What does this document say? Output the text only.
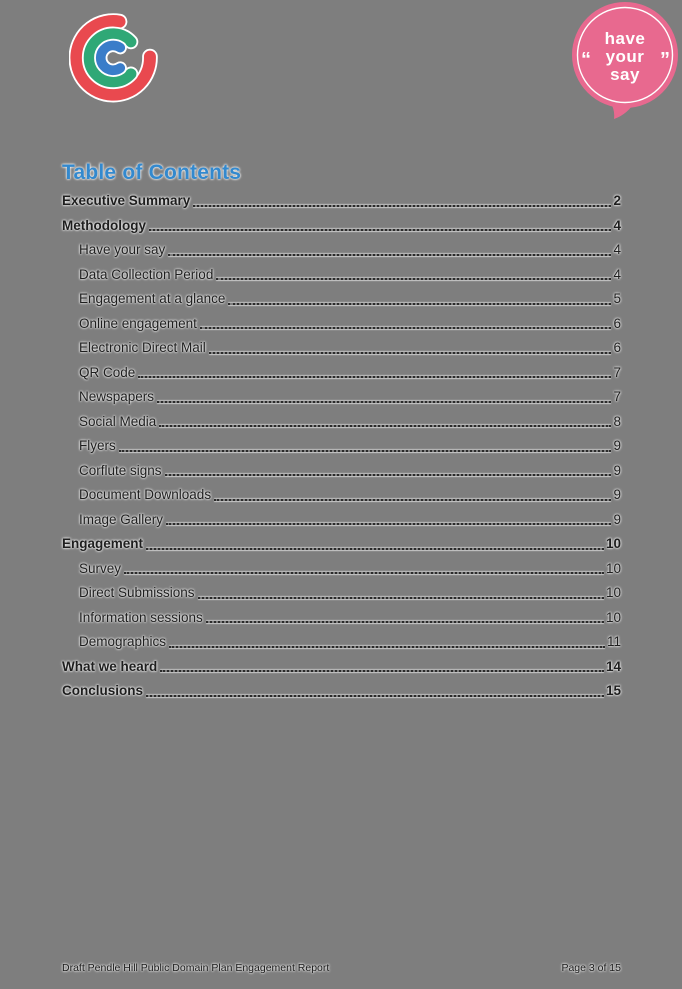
“	”
have
your
say
Table of Contents
Executive Summary	2
Methodology	4
Have your say	4
Data Collection Period	4
Engagement at a glance	5
Online engagement	6
Electronic Direct Mail	6
QR Code	7
Newspapers	7
Social Media	8
Flyers	9
Corflute signs	9
Document Downloads	9
Image Gallery	9
Engagement	10
Survey	10
Direct Submissions	10
Information sessions	10
Demographics	11
What we heard	14
Conclusions	15
Draft Pendle Hill Public Domain Plan Engagement Report	Page 3 of 15
